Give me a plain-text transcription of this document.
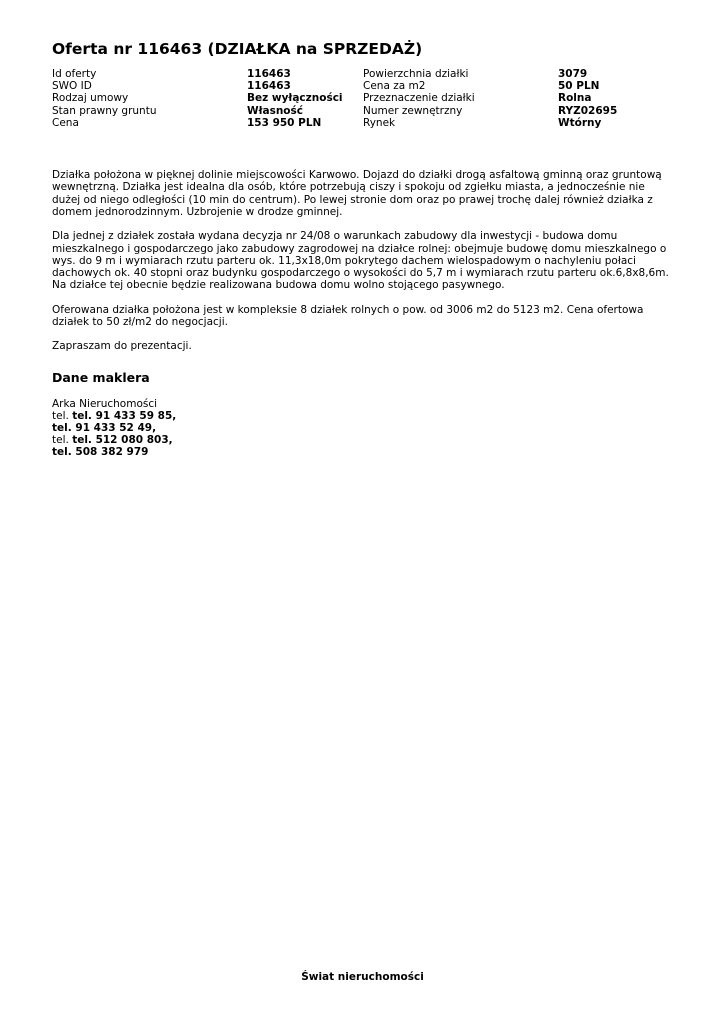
Oferta nr 116463 (DZIAŁKA na SPRZEDAŻ)
Id oferty	116463	Powierzchnia działki	3079
SWO ID	116463	Cena za m2	50 PLN
Rodzaj umowy	Bez wyłączności	Przeznaczenie działki	Rolna
Stan prawny gruntu	Własność	Numer zewnętrzny	RYZ02695
Cena	153 950 PLN	Rynek	Wtórny

Działka położona w pięknej dolinie miejscowości Karwowo. Dojazd do działki drogą asfaltową gminną oraz gruntową wewnętrzną. Działka jest idealna dla osób, które potrzebują ciszy i spokoju od zgiełku miasta, a jednocześnie nie dużej od niego odległości (10 min do centrum). Po lewej stronie dom oraz po prawej trochę dalej również działka z domem jednorodzinnym. Uzbrojenie w drodze gminnej.

Dla jednej z działek została wydana decyzja nr 24/08 o warunkach zabudowy dla inwestycji - budowa domu mieszkalnego i gospodarczego jako zabudowy zagrodowej na działce rolnej: obejmuje budowę domu mieszkalnego o wys. do 9 m i wymiarach rzutu parteru ok. 11,3x18,0m pokrytego dachem wielospadowym o nachyleniu połaci dachowych ok. 40 stopni oraz budynku gospodarczego o wysokości do 5,7 m i wymiarach rzutu parteru ok.6,8x8,6m. Na działce tej obecnie będzie realizowana budowa domu wolno stojącego pasywnego.

Oferowana działka położona jest w kompleksie 8 działek rolnych o pow. od 3006 m2 do 5123 m2. Cena ofertowa działek to 50 zł/m2 do negocjacji.

Zapraszam do prezentacji.

Dane maklera
Arka Nieruchomości
tel. tel. 91 433 59 85,
tel. 91 433 52 49,
tel. tel. 512 080 803,
tel. 508 382 979
Świat nieruchomości
